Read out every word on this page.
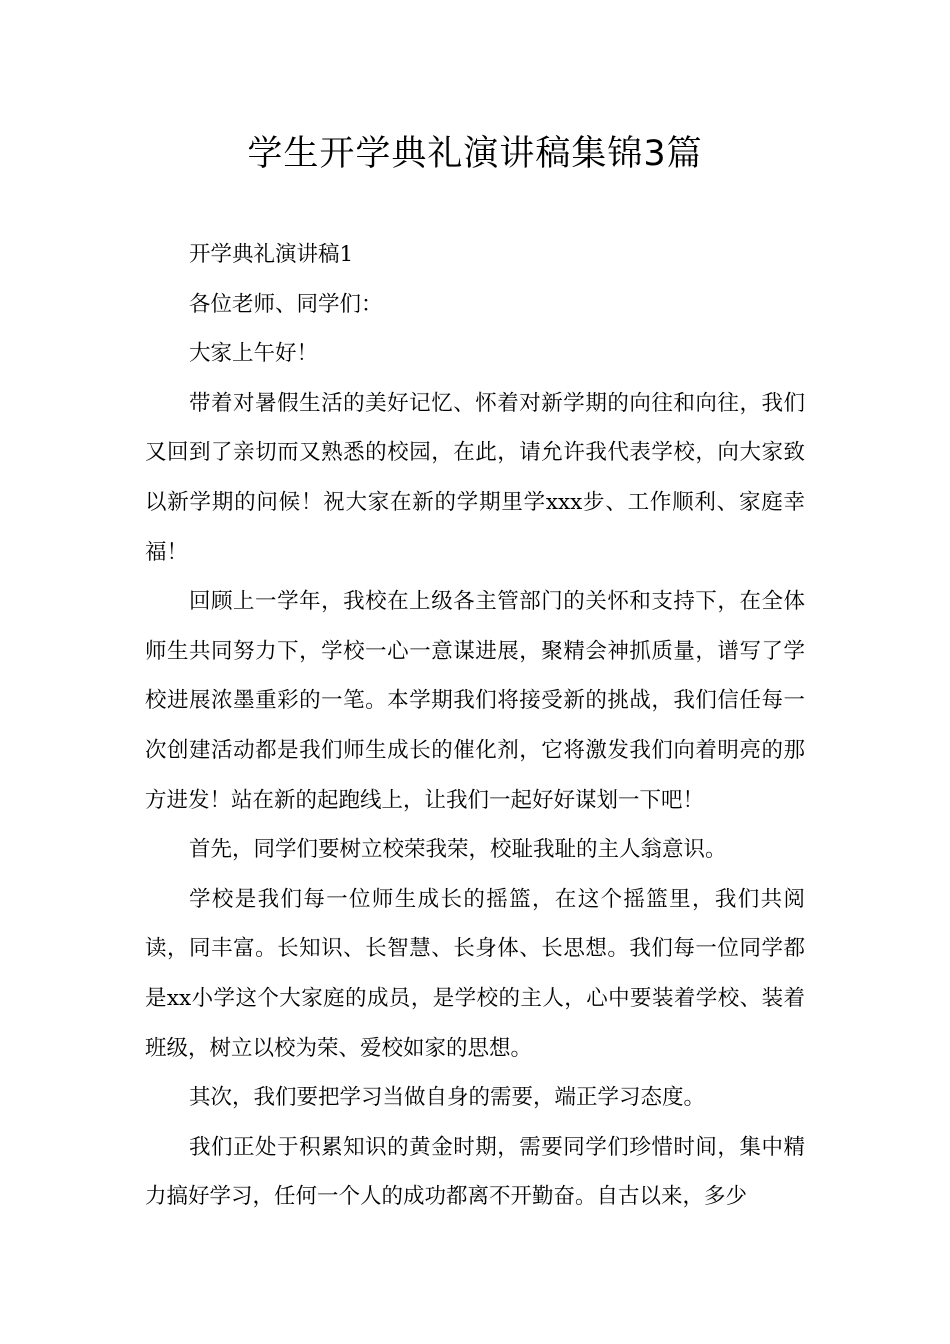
学生开学典礼演讲稿集锦3篇

开学典礼演讲稿1

各位老师、同学们：

大家上午好！

带着对暑假生活的美好记忆、怀着对新学期的向往和向往，我们又回到了亲切而又熟悉的校园，在此，请允许我代表学校，向大家致以新学期的问候！祝大家在新的学期里学xxx步、工作顺利、家庭幸福！

回顾上一学年，我校在上级各主管部门的关怀和支持下，在全体师生共同努力下，学校一心一意谋进展，聚精会神抓质量，谱写了学校进展浓墨重彩的一笔。本学期我们将接受新的挑战，我们信任每一次创建活动都是我们师生成长的催化剂，它将激发我们向着明亮的那方进发！站在新的起跑线上，让我们一起好好谋划一下吧！

首先，同学们要树立校荣我荣，校耻我耻的主人翁意识。

学校是我们每一位师生成长的摇篮，在这个摇篮里，我们共阅读，同丰富。长知识、长智慧、长身体、长思想。我们每一位同学都是xx小学这个大家庭的成员，是学校的主人，心中要装着学校、装着班级，树立以校为荣、爱校如家的思想。

其次，我们要把学习当做自身的需要，端正学习态度。

我们正处于积累知识的黄金时期，需要同学们珍惜时间，集中精力搞好学习，任何一个人的成功都离不开勤奋。自古以来，多少
